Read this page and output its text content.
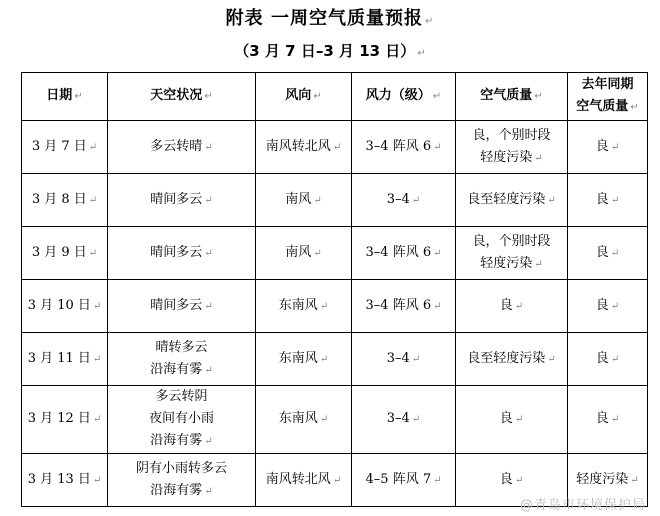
附表 一周空气质量预报 ↵
（3 月 7 日–3 月 13 日） ↵
日期 ↵	天空状况 ↵	风向 ↵	风力（级） ↵	空气质量 ↵	去年同期
空气质量 ↵
3 月 7 日 ↵	多云转晴 ↵	南风转北风 ↵	3–4 阵风 6 ↵	良，个别时段
轻度污染 ↵	良 ↵
3 月 8 日 ↵	晴间多云 ↵	南风 ↵	3–4 ↵	良至轻度污染 ↵	良 ↵
3 月 9 日 ↵	晴间多云 ↵	南风 ↵	3–4 阵风 6 ↵	良，个别时段
轻度污染 ↵	良 ↵
3 月 10 日 ↵	晴间多云 ↵	东南风 ↵	3–4 阵风 6 ↵	良 ↵	良 ↵
3 月 11 日 ↵	晴转多云
沿海有雾 ↵	东南风 ↵	3–4 ↵	良至轻度污染 ↵	良 ↵
3 月 12 日 ↵	多云转阴
夜间有小雨
沿海有雾 ↵	东南风 ↵	3–4 ↵	良 ↵	良 ↵
3 月 13 日 ↵	阴有小雨转多云
沿海有雾 ↵	南风转北风 ↵	4–5 阵风 7 ↵	良 ↵	轻度污染 ↵
@青岛市环境保护局
